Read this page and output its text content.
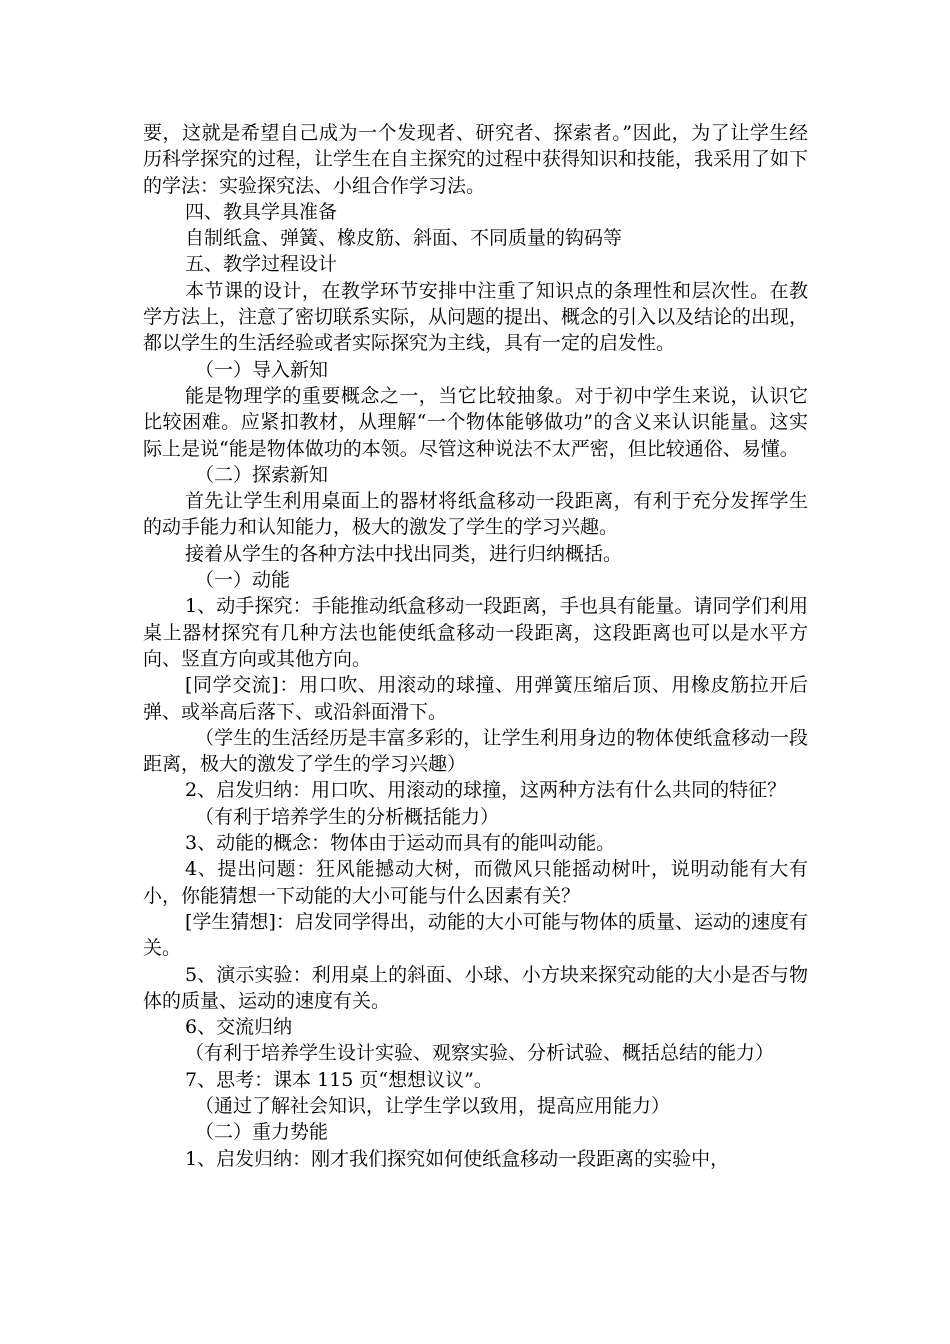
要，这就是希望自己成为一个发现者、研究者、探索者。”因此，为了让学生经历科学探究的过程，让学生在自主探究的过程中获得知识和技能，我采用了如下的学法：实验探究法、小组合作学习法。

四、教具学具准备

自制纸盒、弹簧、橡皮筋、斜面、不同质量的钩码等

五、教学过程设计

本节课的设计，在教学环节安排中注重了知识点的条理性和层次性。在教学方法上，注意了密切联系实际，从问题的提出、概念的引入以及结论的出现，都以学生的生活经验或者实际探究为主线，具有一定的启发性。

（一）导入新知

能是物理学的重要概念之一，当它比较抽象。对于初中学生来说，认识它比较困难。应紧扣教材，从理解“一个物体能够做功”的含义来认识能量。这实际上是说“能是物体做功的本领。尽管这种说法不太严密，但比较通俗、易懂。

（二）探索新知

首先让学生利用桌面上的器材将纸盒移动一段距离，有利于充分发挥学生的动手能力和认知能力，极大的激发了学生的学习兴趣。

接着从学生的各种方法中找出同类，进行归纳概括。

（一）动能

1、动手探究：手能推动纸盒移动一段距离，手也具有能量。请同学们利用桌上器材探究有几种方法也能使纸盒移动一段距离，这段距离也可以是水平方向、竖直方向或其他方向。

[同学交流]：用口吹、用滚动的球撞、用弹簧压缩后顶、用橡皮筋拉开后弹、或举高后落下、或沿斜面滑下。

（学生的生活经历是丰富多彩的，让学生利用身边的物体使纸盒移动一段距离，极大的激发了学生的学习兴趣）

2、启发归纳：用口吹、用滚动的球撞，这两种方法有什么共同的特征？

（有利于培养学生的分析概括能力）

3、动能的概念：物体由于运动而具有的能叫动能。

4、提出问题：狂风能撼动大树，而微风只能摇动树叶，说明动能有大有小，你能猜想一下动能的大小可能与什么因素有关？

[学生猜想]：启发同学得出，动能的大小可能与物体的质量、运动的速度有关。

5、演示实验：利用桌上的斜面、小球、小方块来探究动能的大小是否与物体的质量、运动的速度有关。

6、交流归纳

（有利于培养学生设计实验、观察实验、分析试验、概括总结的能力）

7、思考：课本 115 页“想想议议”。

（通过了解社会知识，让学生学以致用，提高应用能力）

（二）重力势能

1、启发归纳：刚才我们探究如何使纸盒移动一段距离的实验中，
